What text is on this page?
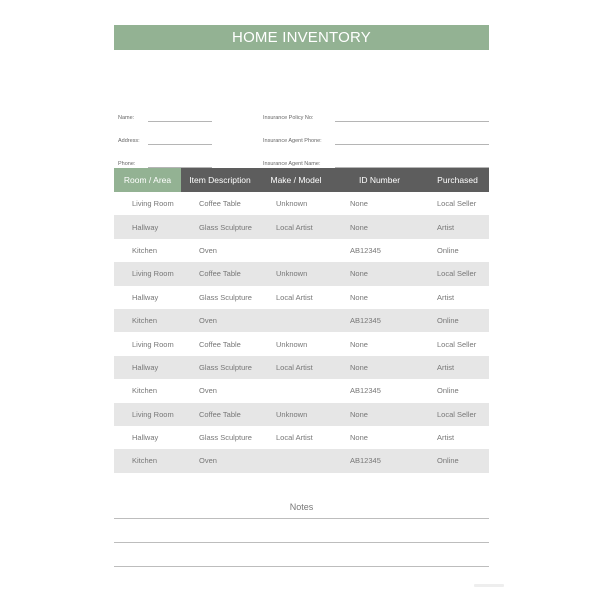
HOME INVENTORY
Name:
Address:
Phone:
Insurance Policy No:
Insurance Agent Phone:
Insurance Agent Name:
Room / Area	Item Description	Make / Model	ID Number	Purchased
Living Room	Coffee Table	Unknown	None	Local Seller
Hallway	Glass Sculpture	Local Artist	None	Artist
Kitchen	Oven		AB12345	Online
Living Room	Coffee Table	Unknown	None	Local Seller
Hallway	Glass Sculpture	Local Artist	None	Artist
Kitchen	Oven		AB12345	Online
Living Room	Coffee Table	Unknown	None	Local Seller
Hallway	Glass Sculpture	Local Artist	None	Artist
Kitchen	Oven		AB12345	Online
Living Room	Coffee Table	Unknown	None	Local Seller
Hallway	Glass Sculpture	Local Artist	None	Artist
Kitchen	Oven		AB12345	Online
Notes
